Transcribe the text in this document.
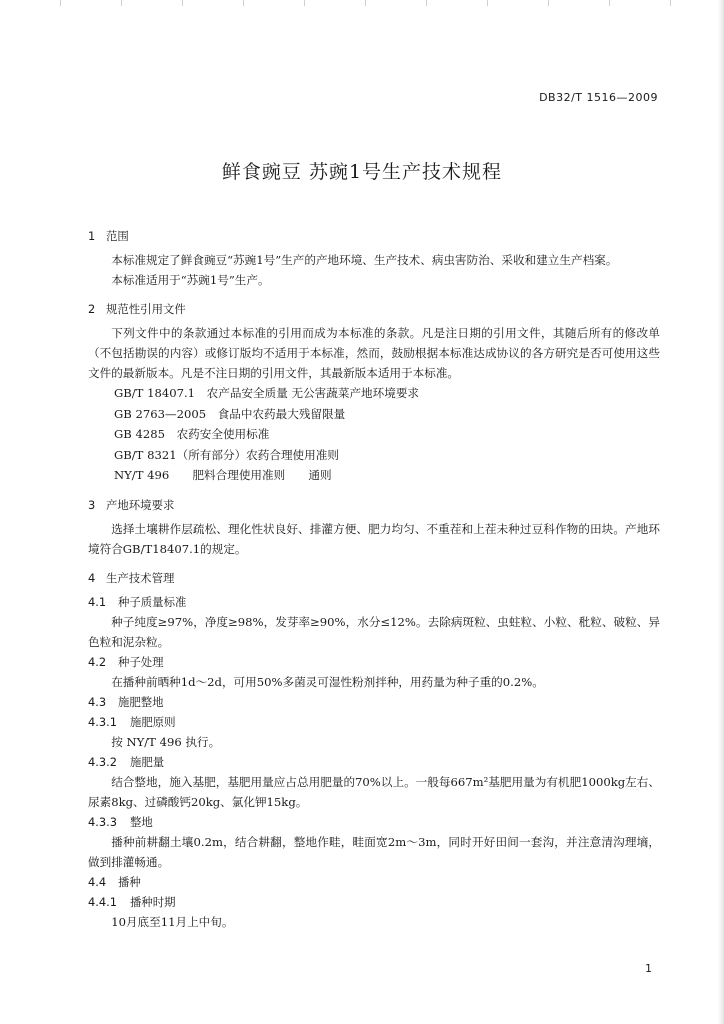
DB32/T 1516—2009
鲜食豌豆 苏豌1号生产技术规程

1 范围

本标准规定了鲜食豌豆“苏豌1号”生产的产地环境、生产技术、病虫害防治、采收和建立生产档案。

本标准适用于“苏豌1号”生产。

2 规范性引用文件

下列文件中的条款通过本标准的引用而成为本标准的条款。凡是注日期的引用文件，其随后所有的修改单（不包括勘误的内容）或修订版均不适用于本标准，然而，鼓励根据本标准达成协议的各方研究是否可使用这些文件的最新版本。凡是不注日期的引用文件，其最新版本适用于本标准。

GB/T 18407.1　农产品安全质量 无公害蔬菜产地环境要求

GB 2763—2005　食品中农药最大残留限量

GB 4285　农药安全使用标准

GB/T 8321（所有部分）农药合理使用准则

NY/T 496　　肥料合理使用准则　　通则

3 产地环境要求

选择土壤耕作层疏松、理化性状良好、排灌方便、肥力均匀、不重茬和上茬未种过豆科作物的田块。产地环境符合GB/T18407.1的规定。

4 生产技术管理

4.1 种子质量标准

种子纯度≥97%，净度≥98%，发芽率≥90%，水分≤12%。去除病斑粒、虫蛀粒、小粒、秕粒、破粒、异色粒和泥杂粒。

4.2 种子处理

在播种前晒种1d～2d，可用50%多菌灵可湿性粉剂拌种，用药量为种子重的0.2%。

4.3 施肥整地

4.3.1 施肥原则

按 NY/T 496 执行。

4.3.2 施肥量

结合整地，施入基肥，基肥用量应占总用肥量的70%以上。一般每667m²基肥用量为有机肥1000kg左右、尿素8kg、过磷酸钙20kg、氯化钾15kg。

4.3.3 整地

播种前耕翻土壤0.2m，结合耕翻，整地作畦，畦面宽2m～3m，同时开好田间一套沟，并注意清沟理墒，做到排灌畅通。

4.4 播种

4.4.1 播种时期

10月底至11月上中旬。

1
